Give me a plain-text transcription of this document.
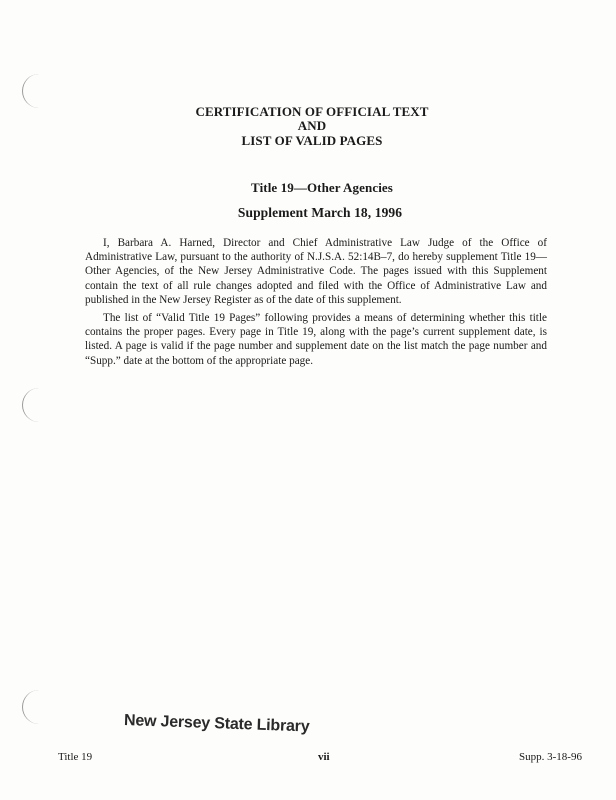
CERTIFICATION OF OFFICIAL TEXT
AND
LIST OF VALID PAGES
Title 19—Other Agencies
Supplement March 18, 1996

I, Barbara A. Harned, Director and Chief Administrative Law Judge of the Office of Administrative Law, pursuant to the authority of N.J.S.A. 52:14B–7, do hereby supplement Title 19—Other Agencies, of the New Jersey Administrative Code. The pages issued with this Supplement contain the text of all rule changes adopted and filed with the Office of Administrative Law and published in the New Jersey Register as of the date of this supplement.

The list of “Valid Title 19 Pages” following provides a means of determining whether this title contains the proper pages. Every page in Title 19, along with the page’s current supplement date, is listed. A page is valid if the page number and supplement date on the list match the page number and “Supp.” date at the bottom of the appropriate page.

New Jersey State Library
Title 19	vii	Supp. 3-18-96
